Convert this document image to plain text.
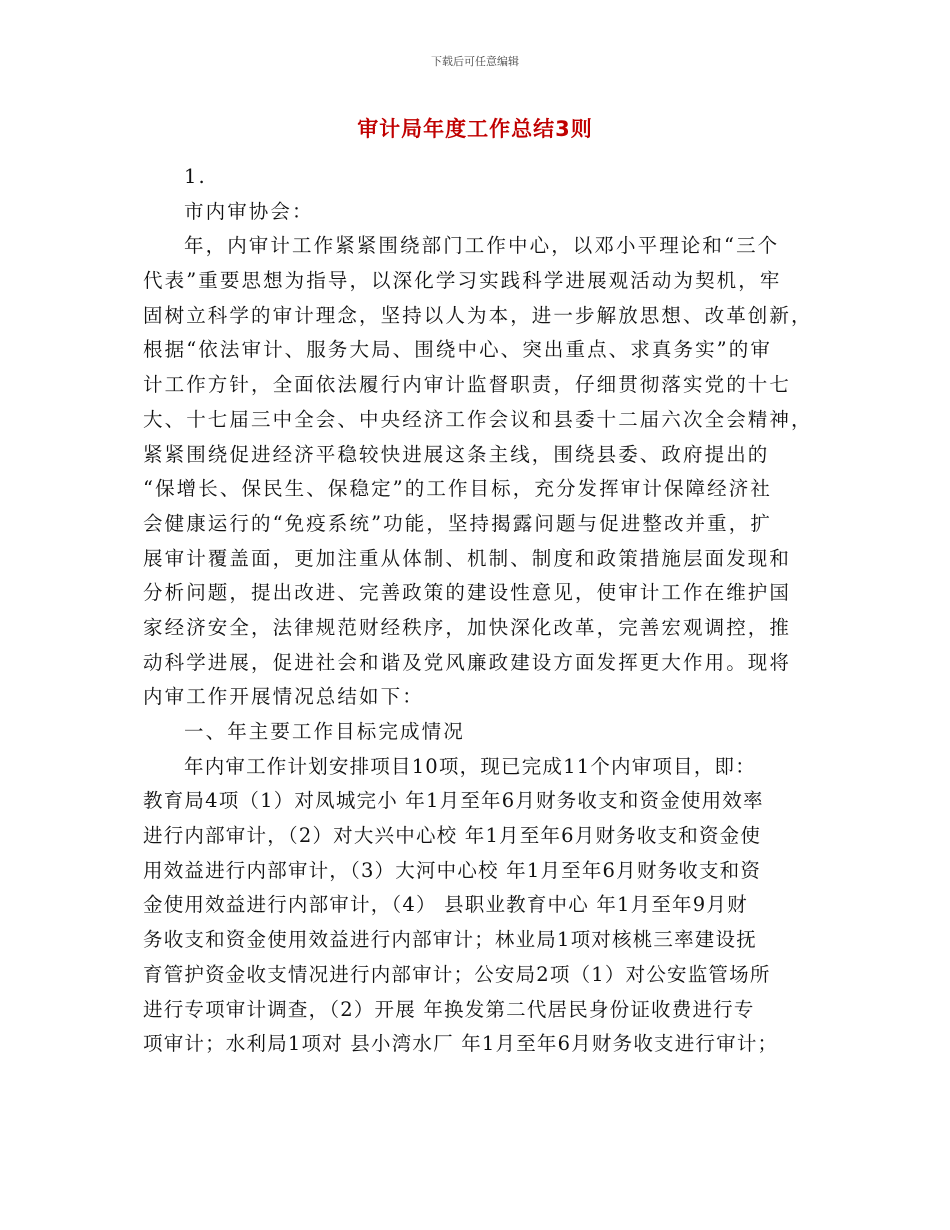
下载后可任意编辑
审计局年度工作总结3则
1.
市内审协会：
年，内审计工作紧紧围绕部门工作中心，以邓小平理论和“三个
代表”重要思想为指导，以深化学习实践科学进展观活动为契机，牢
固树立科学的审计理念，坚持以人为本，进一步解放思想、改革创新，
根据“依法审计、服务大局、围绕中心、突出重点、求真务实”的审
计工作方针，全面依法履行内审计监督职责，仔细贯彻落实党的十七
大、十七届三中全会、中央经济工作会议和县委十二届六次全会精神，
紧紧围绕促进经济平稳较快进展这条主线，围绕县委、政府提出的
“保增长、保民生、保稳定”的工作目标，充分发挥审计保障经济社
会健康运行的“免疫系统”功能，坚持揭露问题与促进整改并重，扩
展审计覆盖面，更加注重从体制、机制、制度和政策措施层面发现和
分析问题，提出改进、完善政策的建设性意见，使审计工作在维护国
家经济安全，法律规范财经秩序，加快深化改革，完善宏观调控，推
动科学进展，促进社会和谐及党风廉政建设方面发挥更大作用。现将
内审工作开展情况总结如下：
一、年主要工作目标完成情况
年内审工作计划安排项目10项，现已完成11个内审项目，即：
教育局4项（1）对凤城完小 年1月至年6月财务收支和资金使用效率
进行内部审计，（2）对大兴中心校 年1月至年6月财务收支和资金使
用效益进行内部审计，（3）大河中心校 年1月至年6月财务收支和资
金使用效益进行内部审计，（4） 县职业教育中心 年1月至年9月财
务收支和资金使用效益进行内部审计；林业局1项对核桃三率建设抚
育管护资金收支情况进行内部审计；公安局2项（1）对公安监管场所
进行专项审计调查，（2）开展 年换发第二代居民身份证收费进行专
项审计；水利局1项对 县小湾水厂 年1月至年6月财务收支进行审计；
